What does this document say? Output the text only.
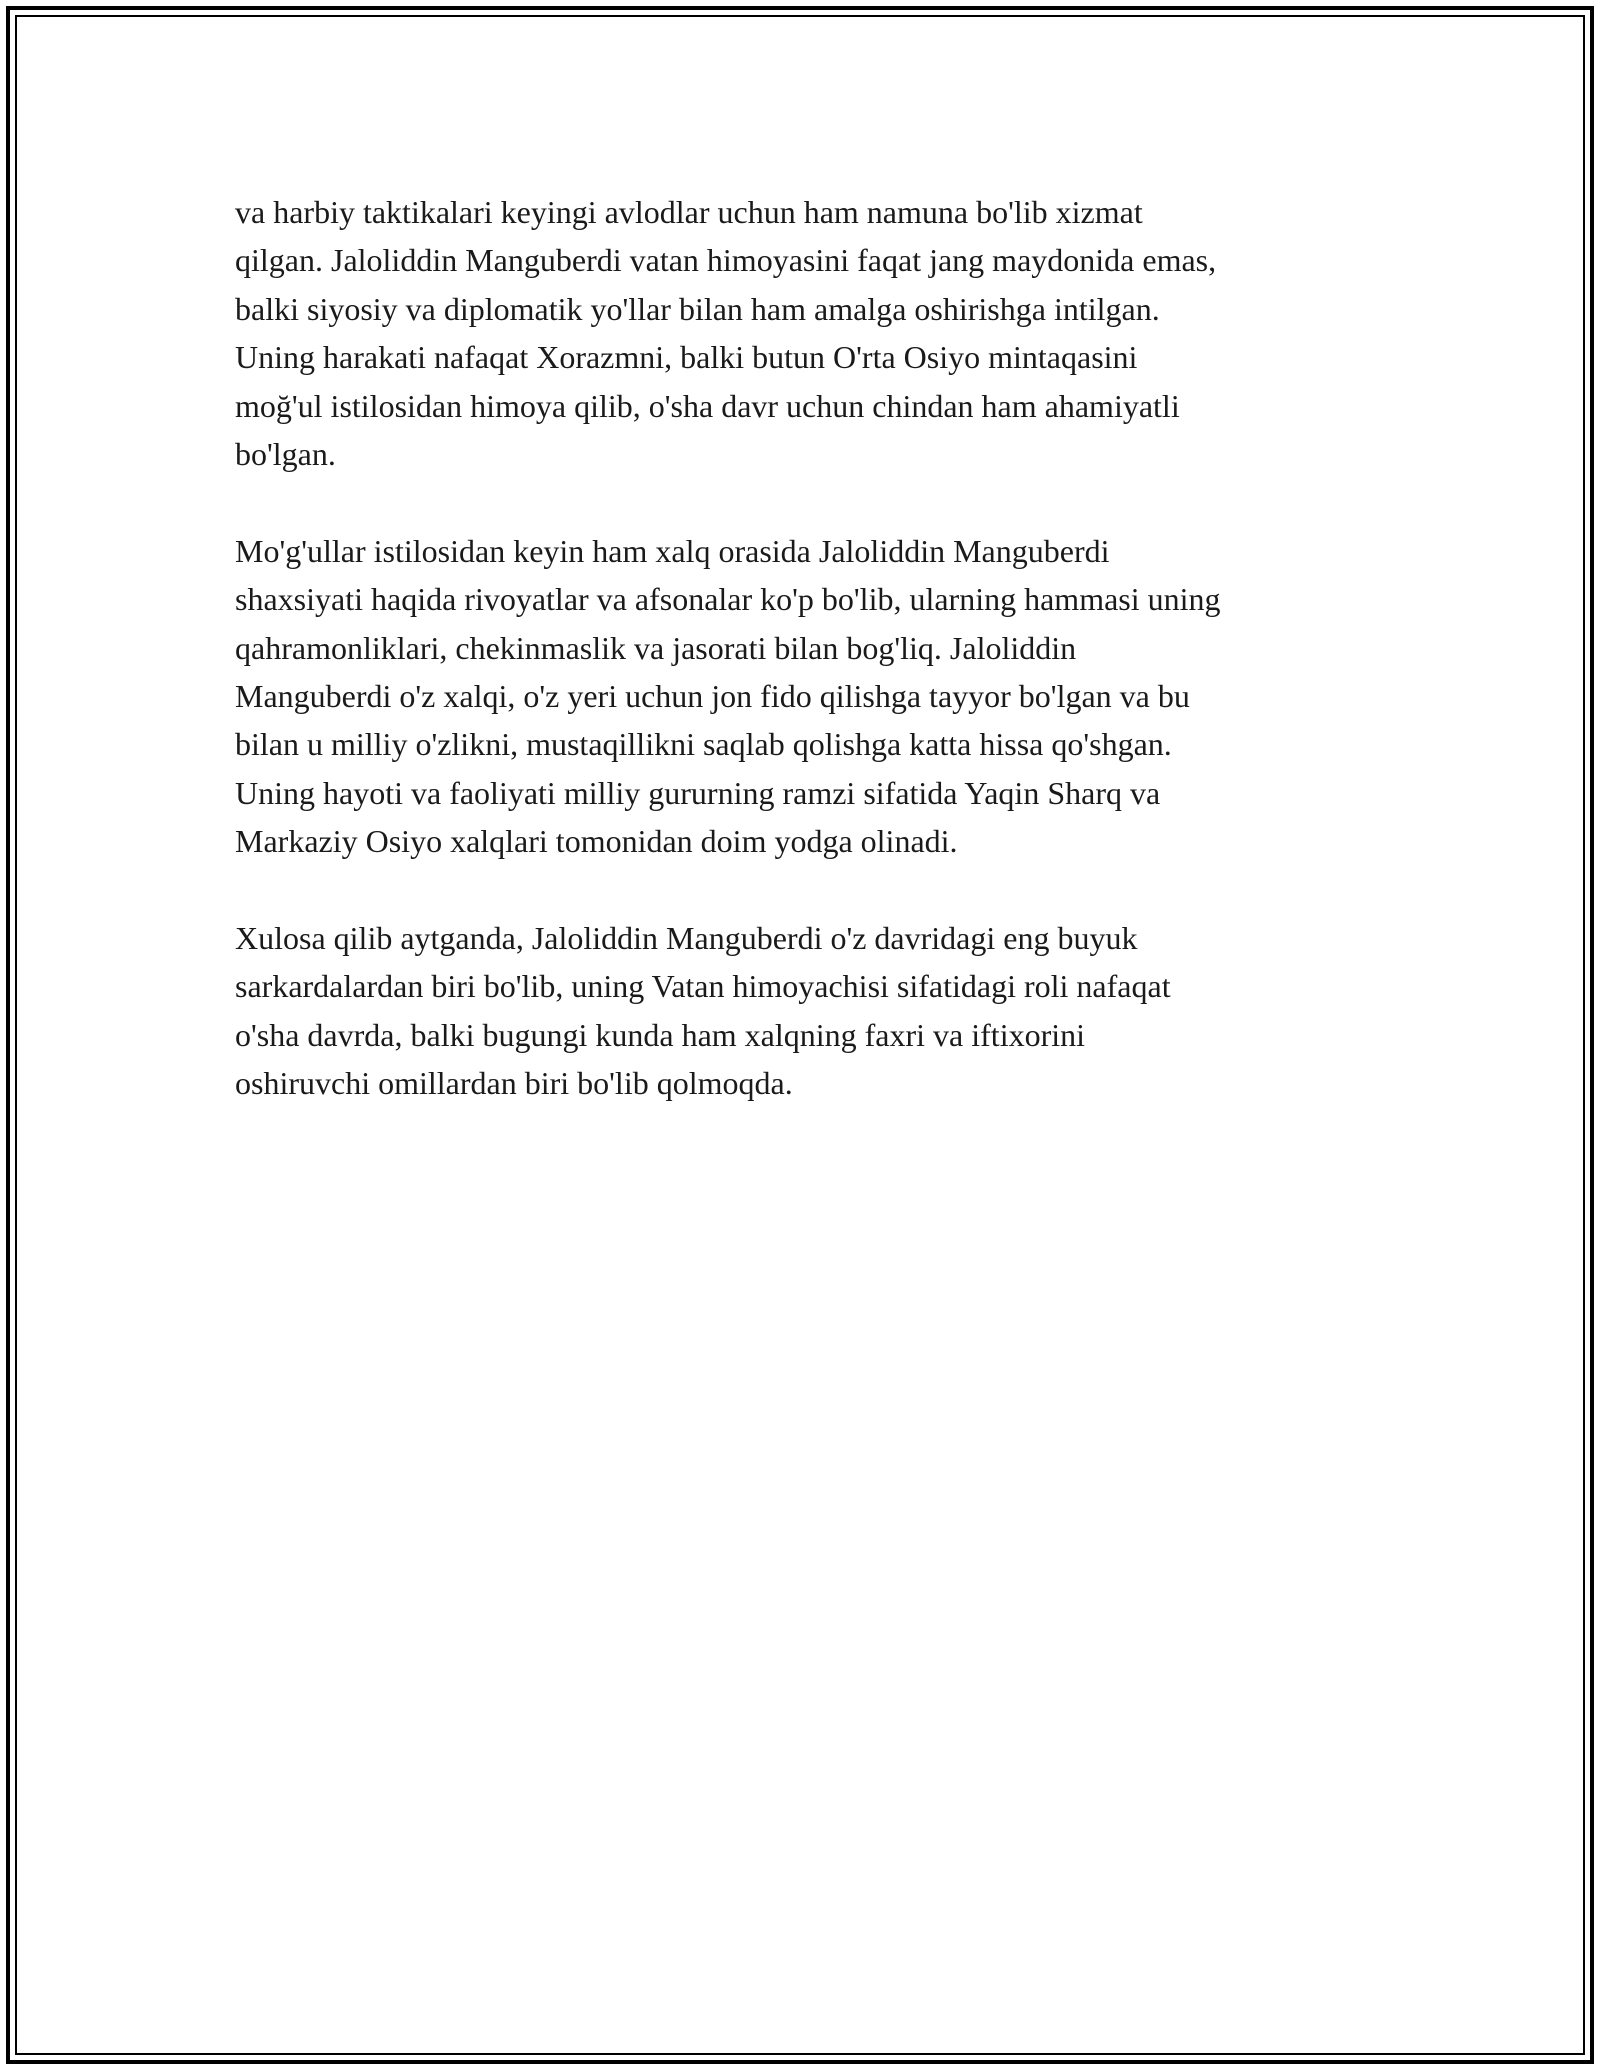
va harbiy taktikalari keyingi avlodlar uchun ham namuna bo'lib xizmat
qilgan. Jaloliddin Manguberdi vatan himoyasini faqat jang maydonida emas,
balki siyosiy va diplomatik yo'llar bilan ham amalga oshirishga intilgan.
Uning harakati nafaqat Xorazmni, balki butun O'rta Osiyo mintaqasini
moğ'ul istilosidan himoya qilib, o'sha davr uchun chindan ham ahamiyatli
bo'lgan.

Mo'g'ullar istilosidan keyin ham xalq orasida Jaloliddin Manguberdi
shaxsiyati haqida rivoyatlar va afsonalar ko'p bo'lib, ularning hammasi uning
qahramonliklari, chekinmaslik va jasorati bilan bog'liq. Jaloliddin
Manguberdi o'z xalqi, o'z yeri uchun jon fido qilishga tayyor bo'lgan va bu
bilan u milliy o'zlikni, mustaqillikni saqlab qolishga katta hissa qo'shgan.
Uning hayoti va faoliyati milliy gururning ramzi sifatida Yaqin Sharq va
Markaziy Osiyo xalqlari tomonidan doim yodga olinadi.

Xulosa qilib aytganda, Jaloliddin Manguberdi o'z davridagi eng buyuk
sarkardalardan biri bo'lib, uning Vatan himoyachisi sifatidagi roli nafaqat
o'sha davrda, balki bugungi kunda ham xalqning faxri va iftixorini
oshiruvchi omillardan biri bo'lib qolmoqda.
